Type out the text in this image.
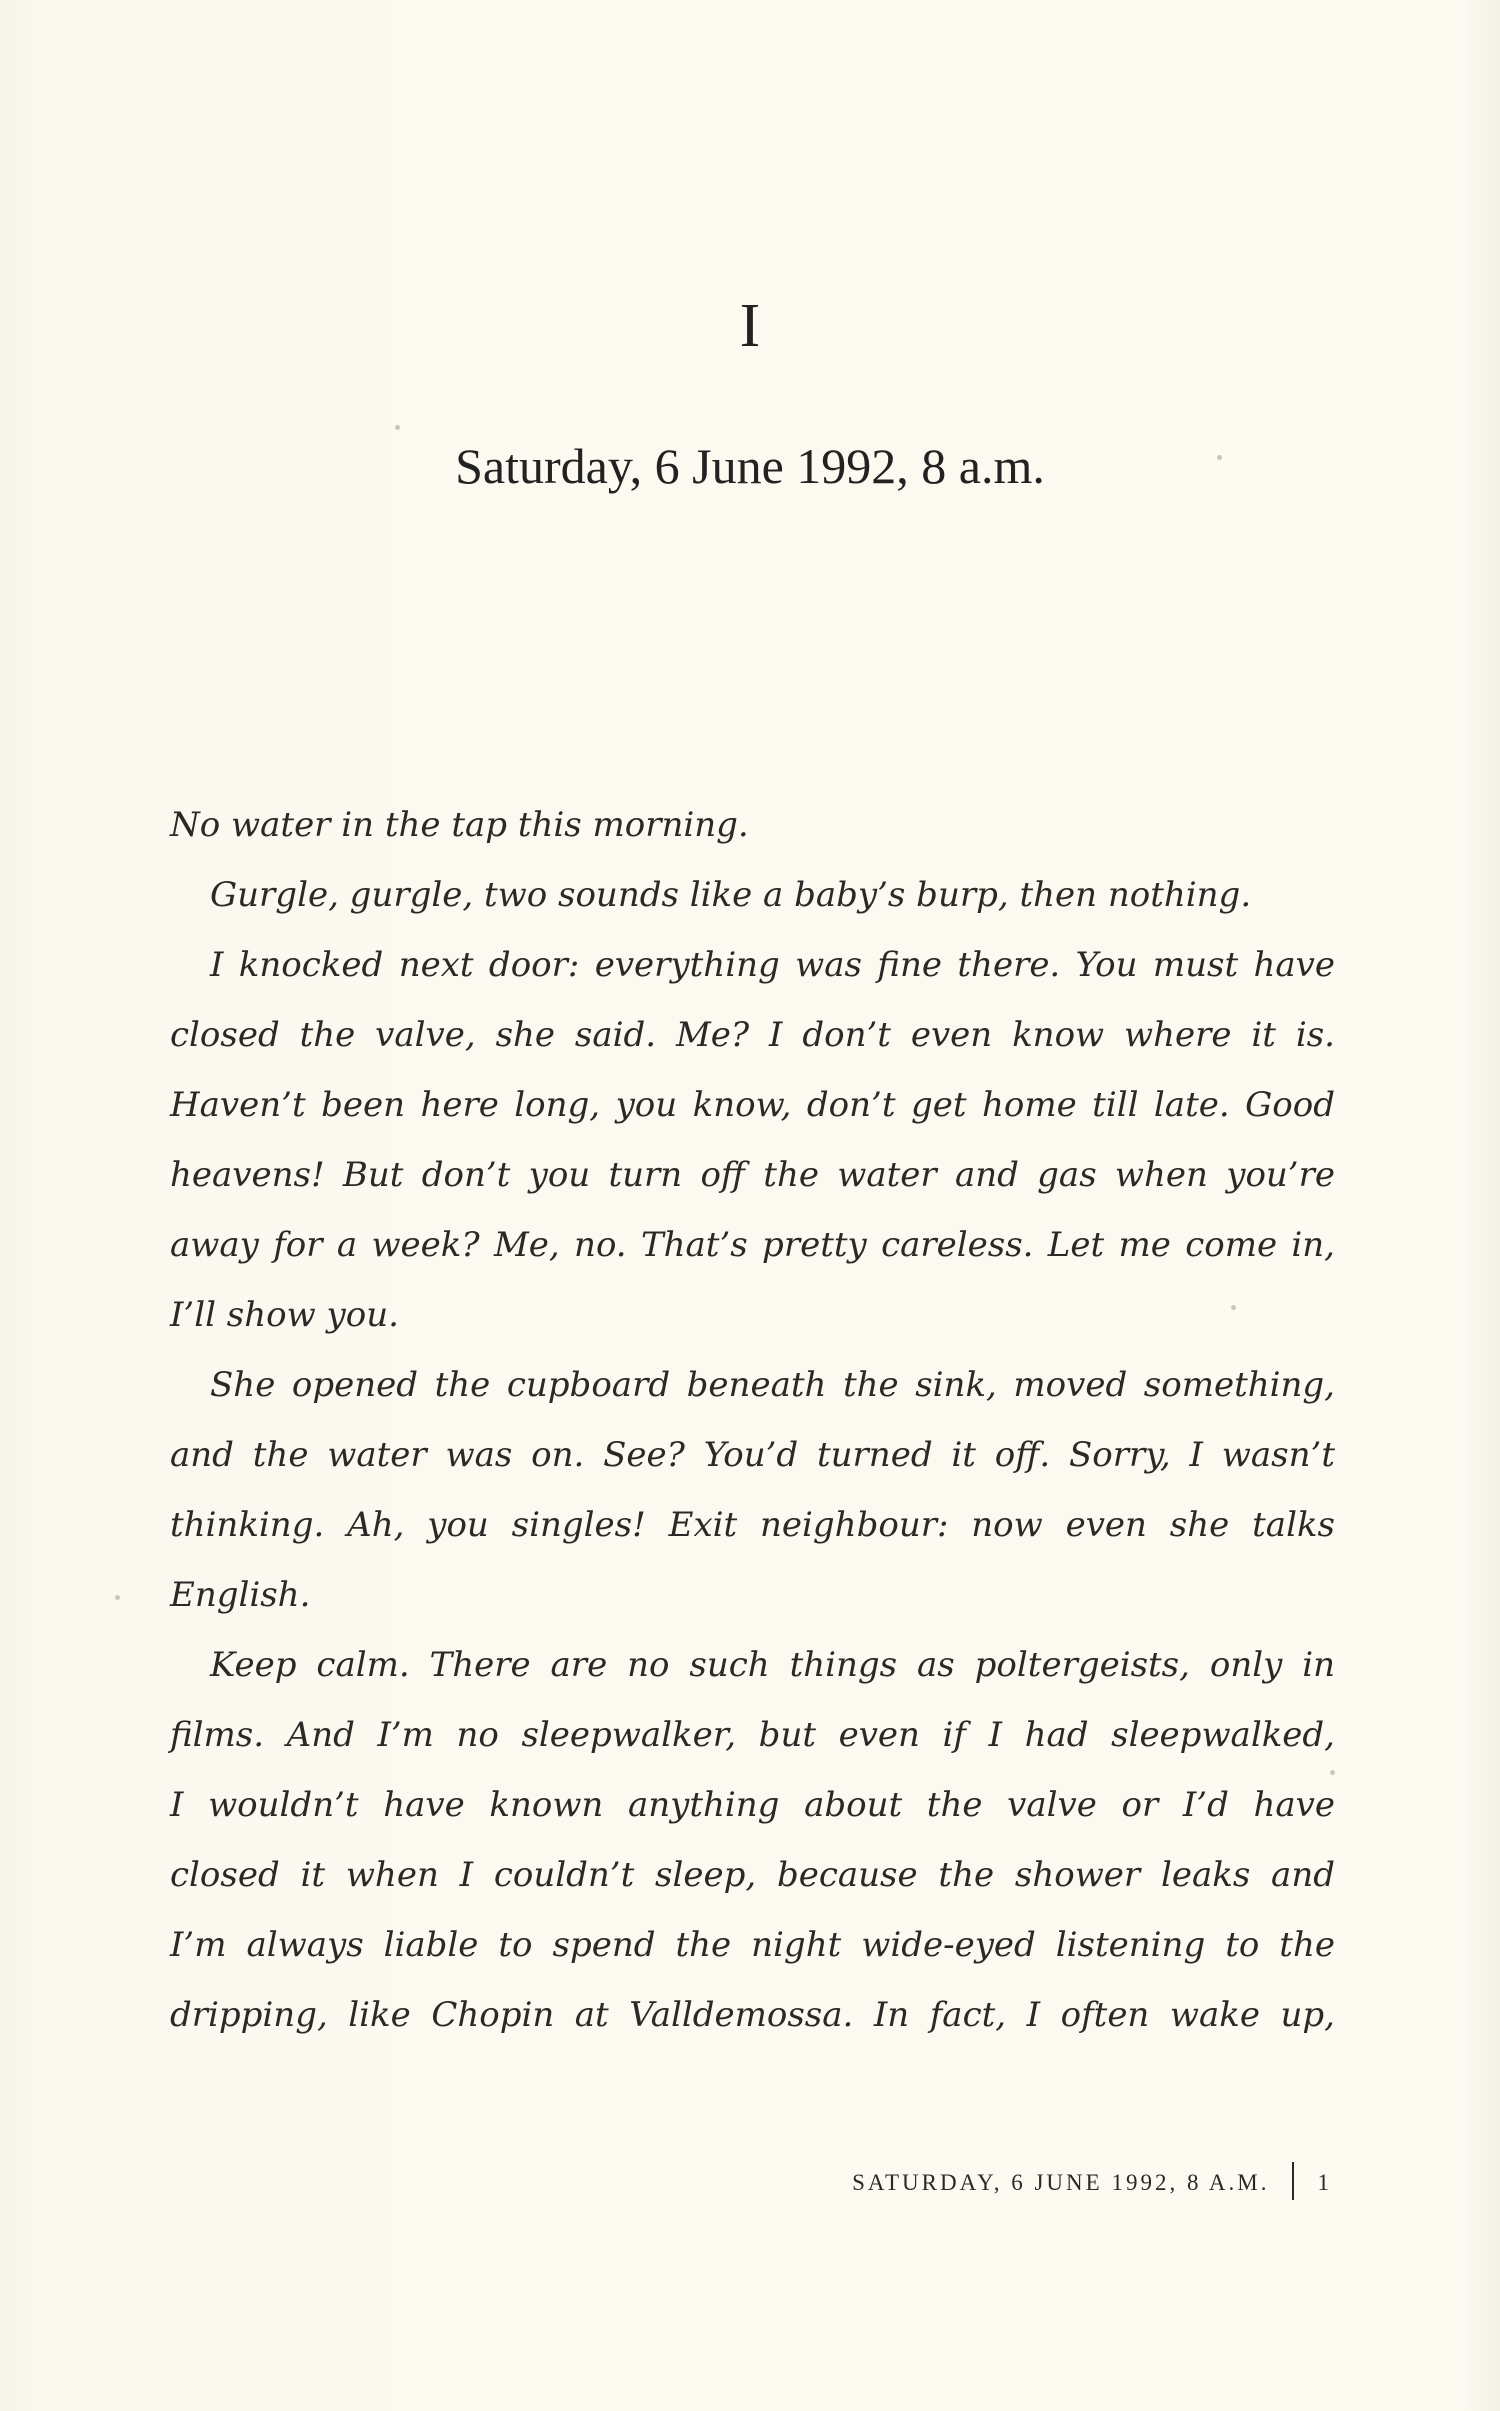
I
Saturday, 6 June 1992, 8 a.m.
No water in the tap this morning.
Gurgle, gurgle, two sounds like a baby’s burp, then nothing.
I knocked next door: everything was fine there. You must have
closed the valve, she said. Me? I don’t even know where it is.
Haven’t been here long, you know, don’t get home till late. Good
heavens! But don’t you turn off the water and gas when you’re
away for a week? Me, no. That’s pretty careless. Let me come in,
I’ll show you.
She opened the cupboard beneath the sink, moved something,
and the water was on. See? You’d turned it off. Sorry, I wasn’t
thinking. Ah, you singles! Exit neighbour: now even she talks
English.
Keep calm. There are no such things as poltergeists, only in
films. And I’m no sleepwalker, but even if I had sleepwalked,
I wouldn’t have known anything about the valve or I’d have
closed it when I couldn’t sleep, because the shower leaks and
I’m always liable to spend the night wide-eyed listening to the
dripping, like Chopin at Valldemossa. In fact, I often wake up,
SATURDAY, 6 JUNE 1992, 8 A.M. 1
